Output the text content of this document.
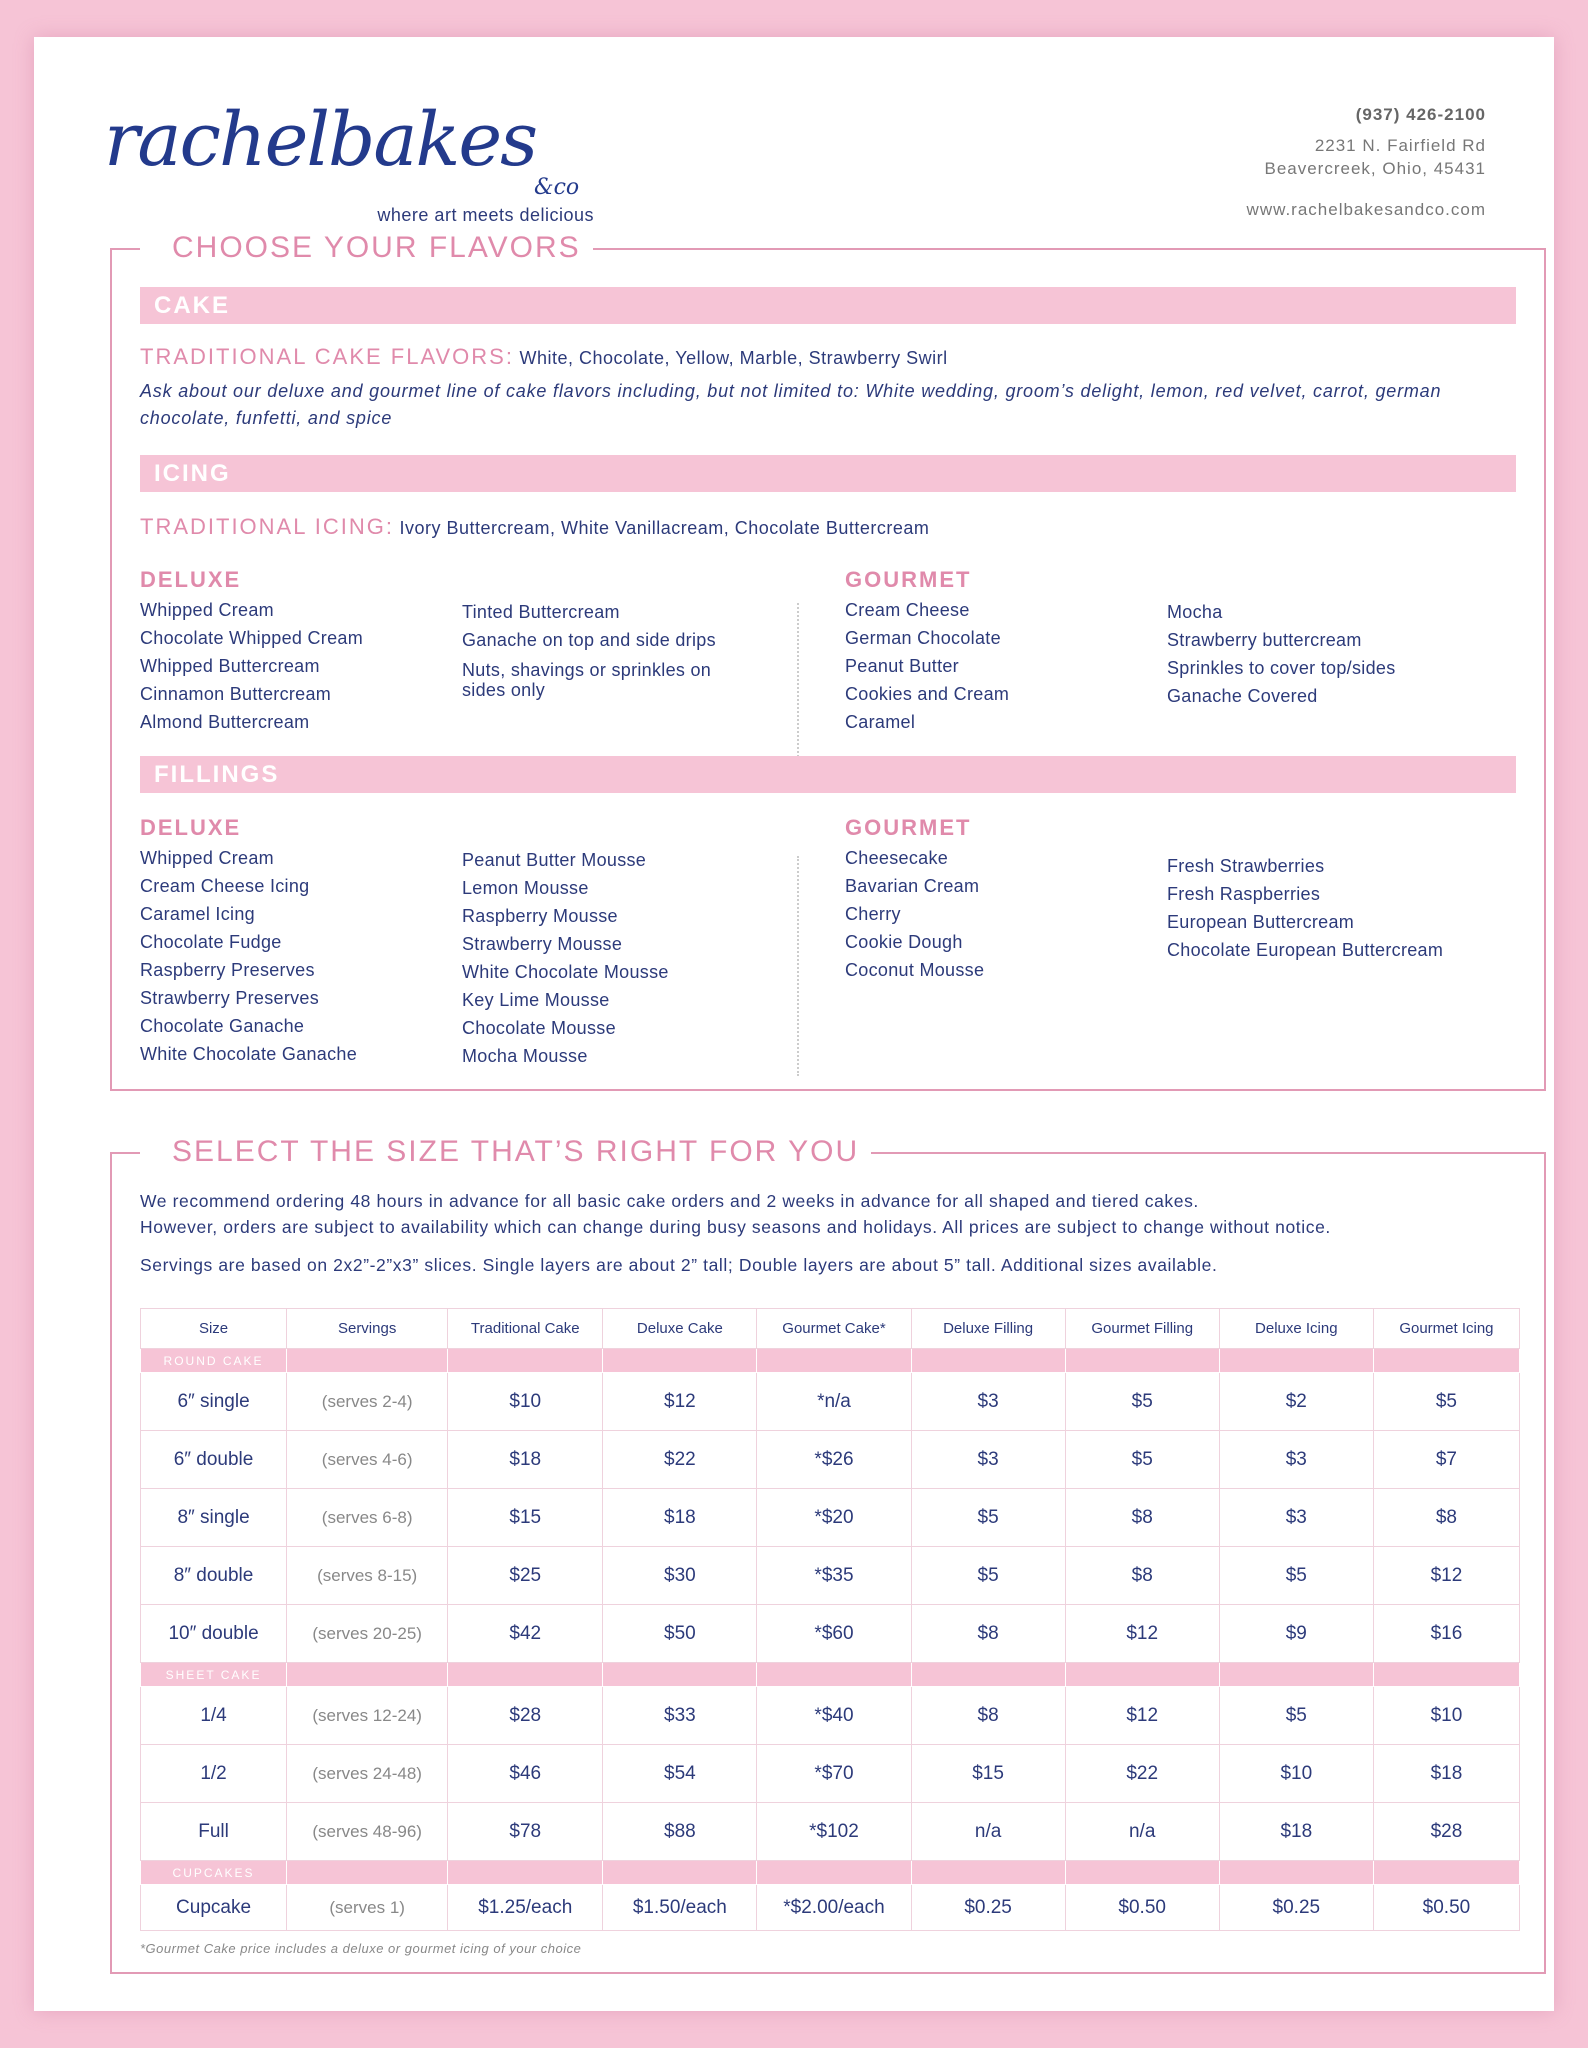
rachelbakes
&co
where art meets delicious
(937) 426-2100
2231 N. Fairfield Rd
Beavercreek, Ohio, 45431
www.rachelbakesandco.com
CHOOSE YOUR FLAVORS
CAKE
TRADITIONAL CAKE FLAVORS: White, Chocolate, Yellow, Marble, Strawberry Swirl
Ask about our deluxe and gourmet line of cake flavors including, but not limited to: White wedding, groom’s delight, lemon, red velvet, carrot, german chocolate, funfetti, and spice
ICING
TRADITIONAL ICING: Ivory Buttercream, White Vanillacream, Chocolate Buttercream
DELUXE
Whipped Cream
Chocolate Whipped Cream
Whipped Buttercream
Cinnamon Buttercream
Almond Buttercream
Tinted Buttercream
Ganache on top and side drips
Nuts, shavings or sprinkles on sides only
GOURMET
Cream Cheese
German Chocolate
Peanut Butter
Cookies and Cream
Caramel
Mocha
Strawberry buttercream
Sprinkles to cover top/sides
Ganache Covered
FILLINGS
DELUXE
Whipped Cream
Cream Cheese Icing
Caramel Icing
Chocolate Fudge
Raspberry Preserves
Strawberry Preserves
Chocolate Ganache
White Chocolate Ganache
Peanut Butter Mousse
Lemon Mousse
Raspberry Mousse
Strawberry Mousse
White Chocolate Mousse
Key Lime Mousse
Chocolate Mousse
Mocha Mousse
GOURMET
Cheesecake
Bavarian Cream
Cherry
Cookie Dough
Coconut Mousse
Fresh Strawberries
Fresh Raspberries
European Buttercream
Chocolate European Buttercream
SELECT THE SIZE THAT’S RIGHT FOR YOU
We recommend ordering 48 hours in advance for all basic cake orders and 2 weeks in advance for all shaped and tiered cakes.
However, orders are subject to availability which can change during busy seasons and holidays. All prices are subject to change without notice.
Servings are based on 2x2”-2”x3” slices. Single layers are about 2” tall; Double layers are about 5” tall. Additional sizes available.
Size	Servings	Traditional Cake	Deluxe Cake	Gourmet Cake*	Deluxe Filling	Gourmet Filling	Deluxe Icing	Gourmet Icing
ROUND CAKE								
6″ single	(serves 2-4)	$10	$12	*n/a	$3	$5	$2	$5
6″ double	(serves 4-6)	$18	$22	*$26	$3	$5	$3	$7
8″ single	(serves 6-8)	$15	$18	*$20	$5	$8	$3	$8
8″ double	(serves 8-15)	$25	$30	*$35	$5	$8	$5	$12
10″ double	(serves 20-25)	$42	$50	*$60	$8	$12	$9	$16
SHEET CAKE								
1/4	(serves 12-24)	$28	$33	*$40	$8	$12	$5	$10
1/2	(serves 24-48)	$46	$54	*$70	$15	$22	$10	$18
Full	(serves 48-96)	$78	$88	*$102	n/a	n/a	$18	$28
CUPCAKES								
Cupcake	(serves 1)	$1.25/each	$1.50/each	*$2.00/each	$0.25	$0.50	$0.25	$0.50
*Gourmet Cake price includes a deluxe or gourmet icing of your choice
